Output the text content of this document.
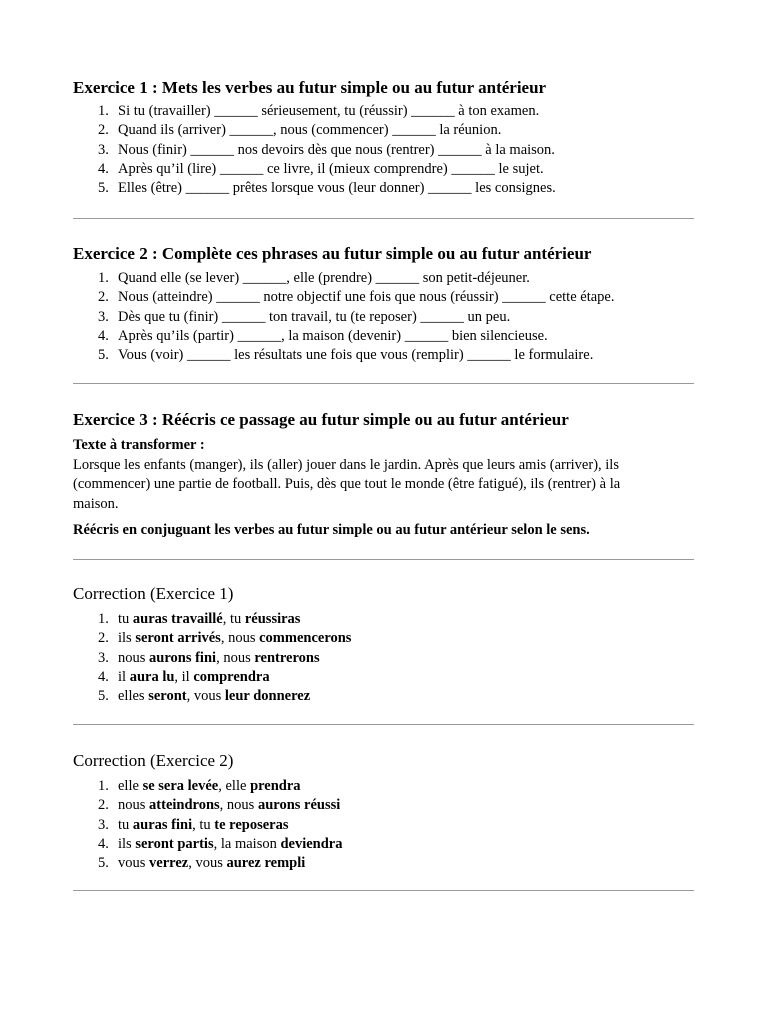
Exercice 1 : Mets les verbes au futur simple ou au futur antérieur
1. Si tu (travailler) ______ sérieusement, tu (réussir) ______ à ton examen.
2. Quand ils (arriver) ______, nous (commencer) ______ la réunion.
3. Nous (finir) ______ nos devoirs dès que nous (rentrer) ______ à la maison.
4. Après qu’il (lire) ______ ce livre, il (mieux comprendre) ______ le sujet.
5. Elles (être) ______ prêtes lorsque vous (leur donner) ______ les consignes.
Exercice 2 : Complète ces phrases au futur simple ou au futur antérieur
1. Quand elle (se lever) ______, elle (prendre) ______ son petit-déjeuner.
2. Nous (atteindre) ______ notre objectif une fois que nous (réussir) ______ cette étape.
3. Dès que tu (finir) ______ ton travail, tu (te reposer) ______ un peu.
4. Après qu’ils (partir) ______, la maison (devenir) ______ bien silencieuse.
5. Vous (voir) ______ les résultats une fois que vous (remplir) ______ le formulaire.
Exercice 3 : Réécris ce passage au futur simple ou au futur antérieur
Texte à transformer :
Lorsque les enfants (manger), ils (aller) jouer dans le jardin. Après que leurs amis (arriver), ils
(commencer) une partie de football. Puis, dès que tout le monde (être fatigué), ils (rentrer) à la
maison.
Réécris en conjuguant les verbes au futur simple ou au futur antérieur selon le sens.
Correction (Exercice 1)
1. tu auras travaillé, tu réussiras
2. ils seront arrivés, nous commencerons
3. nous aurons fini, nous rentrerons
4. il aura lu, il comprendra
5. elles seront, vous leur donnerez
Correction (Exercice 2)
1. elle se sera levée, elle prendra
2. nous atteindrons, nous aurons réussi
3. tu auras fini, tu te reposeras
4. ils seront partis, la maison deviendra
5. vous verrez, vous aurez rempli
